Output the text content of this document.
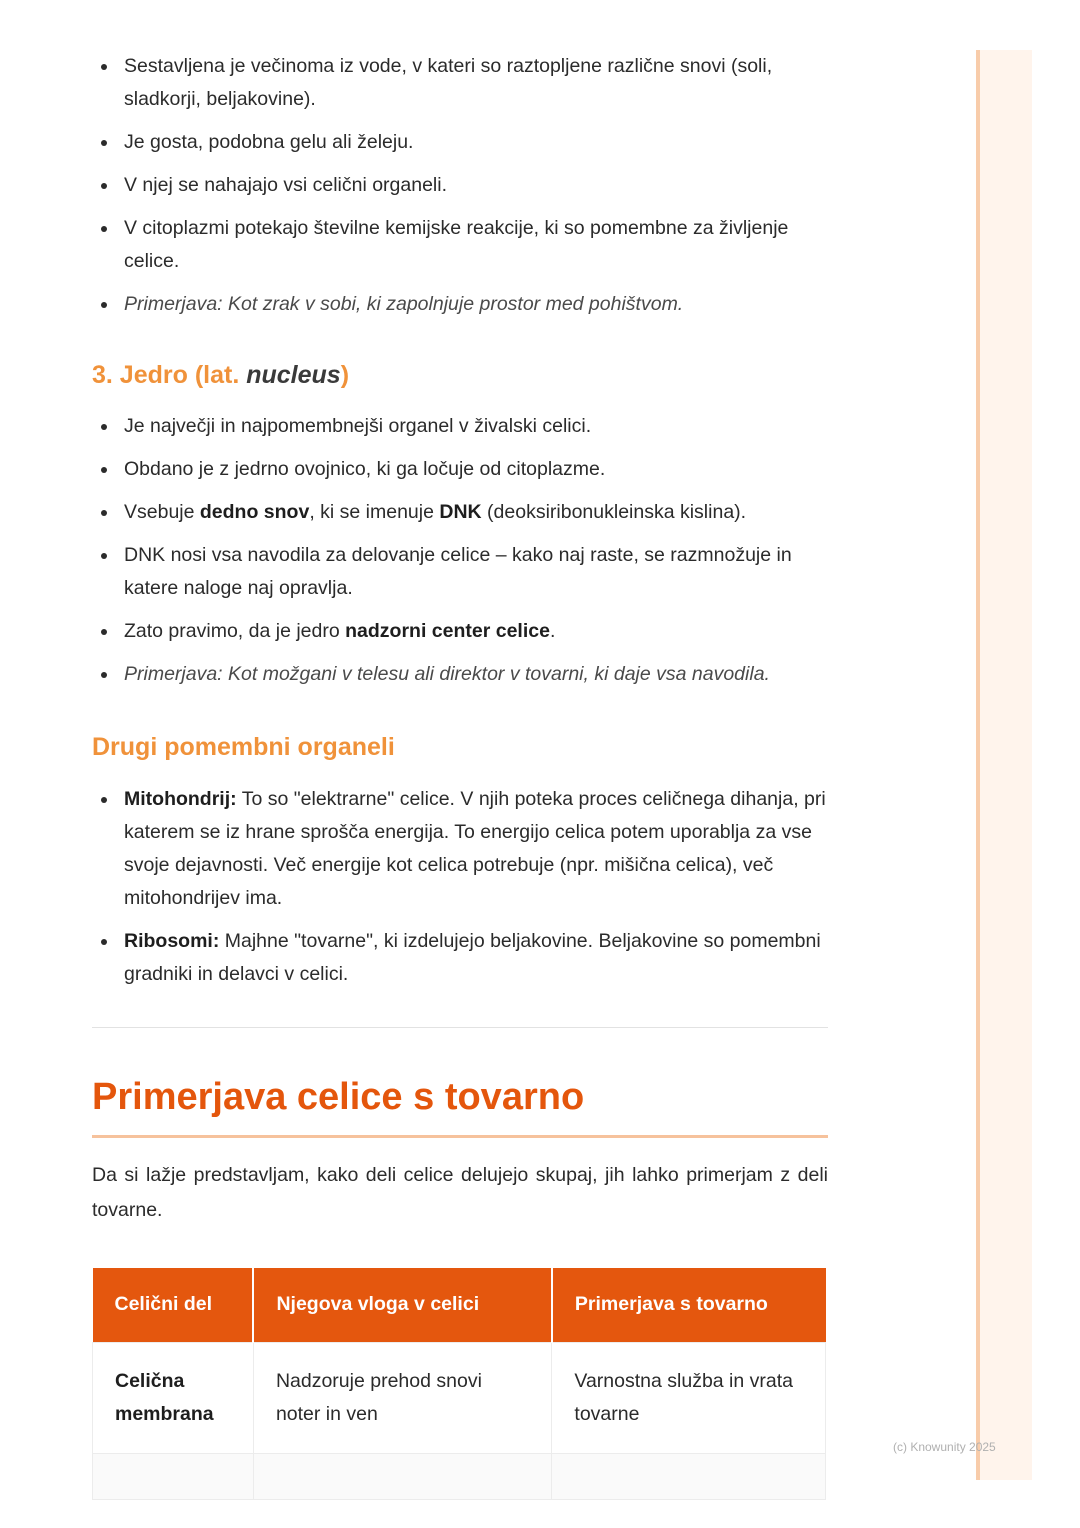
Sestavljena je večinoma iz vode, v kateri so raztopljene različne snovi (soli, sladkorji, beljakovine).
Je gosta, podobna gelu ali želeju.
V njej se nahajajo vsi celični organeli.
V citoplazmi potekajo številne kemijske reakcije, ki so pomembne za življenje celice.
Primerjava: Kot zrak v sobi, ki zapolnjuje prostor med pohištvom.
3. Jedro (lat. nucleus)
Je največji in najpomembnejši organel v živalski celici.
Obdano je z jedrno ovojnico, ki ga ločuje od citoplazme.
Vsebuje dedno snov, ki se imenuje DNK (deoksiribonukleinska kislina).
DNK nosi vsa navodila za delovanje celice – kako naj raste, se razmnožuje in katere naloge naj opravlja.
Zato pravimo, da je jedro nadzorni center celice.
Primerjava: Kot možgani v telesu ali direktor v tovarni, ki daje vsa navodila.
Drugi pomembni organeli
Mitohondrij: To so "elektrarne" celice. V njih poteka proces celičnega dihanja, pri katerem se iz hrane sprošča energija. To energijo celica potem uporablja za vse svoje dejavnosti. Več energije kot celica potrebuje (npr. mišična celica), več mitohondrijev ima.
Ribosomi: Majhne "tovarne", ki izdelujejo beljakovine. Beljakovine so pomembni gradniki in delavci v celici.
Primerjava celice s tovarno

Da si lažje predstavljam, kako deli celice delujejo skupaj, jih lahko primerjam z deli tovarne.

Celični del	Njegova vloga v celici	Primerjava s tovarno
Celična membrana	Nadzoruje prehod snovi noter in ven	Varnostna služba in vrata tovarne

(c) Knowunity 2025
